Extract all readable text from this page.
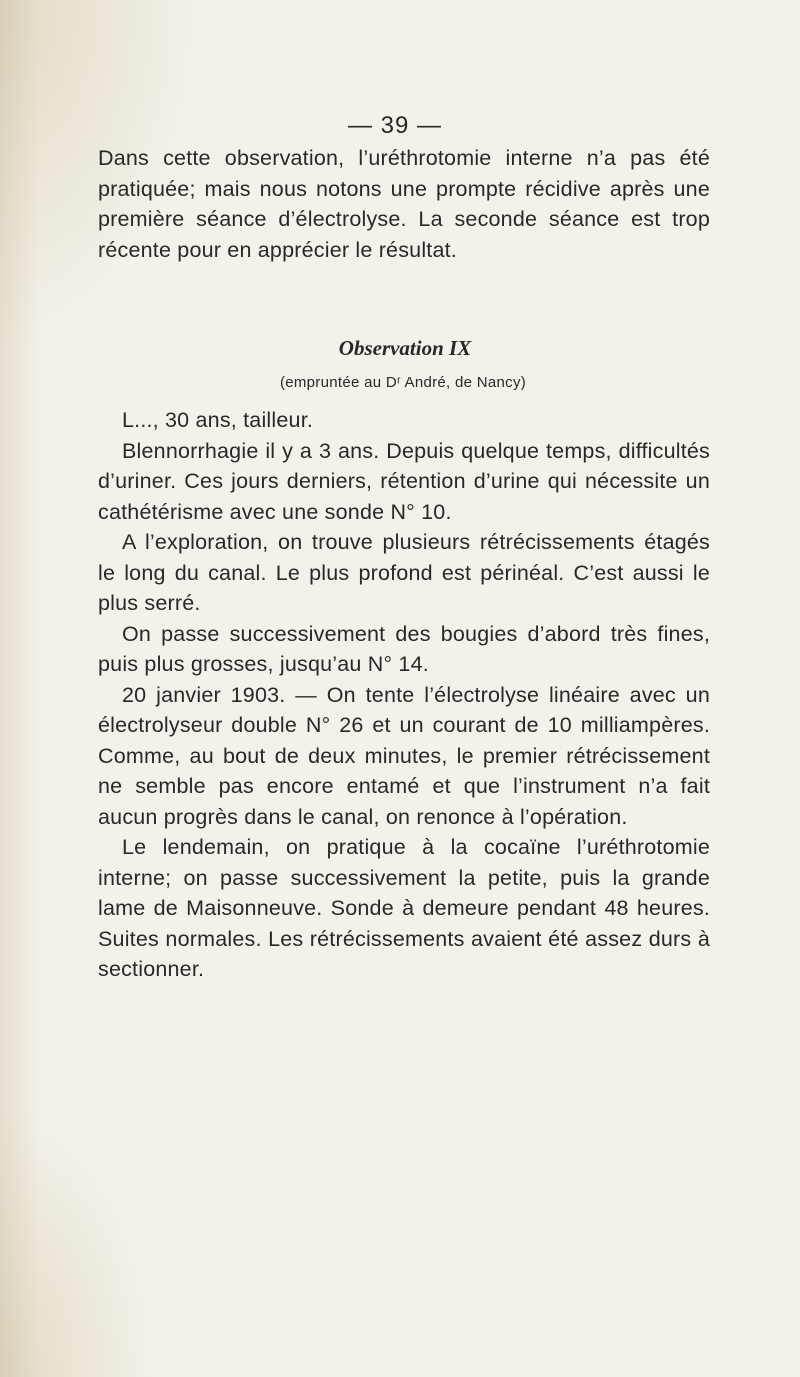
— 39 —
Dans cette observation, l’uréthrotomie interne n’a pas été pratiquée; mais nous notons une prompte récidive après une première séance d’électrolyse. La seconde séance est trop récente pour en apprécier le résultat.
Observation IX
(empruntée au Dʳ André, de Nancy)

L..., 30 ans, tailleur.

Blennorrhagie il y a 3 ans. Depuis quelque temps, difficultés d’uriner. Ces jours derniers, rétention d’urine qui nécessite un cathétérisme avec une sonde N° 10.

A l’exploration, on trouve plusieurs rétrécissements étagés le long du canal. Le plus profond est périnéal. C’est aussi le plus serré.

On passe successivement des bougies d’abord très fines, puis plus grosses, jusqu’au N° 14.

20 janvier 1903. — On tente l’électrolyse linéaire avec un électrolyseur double N° 26 et un courant de 10 milliampères. Comme, au bout de deux minutes, le premier rétrécissement ne semble pas encore entamé et que l’instrument n’a fait aucun progrès dans le canal, on renonce à l’opération.

Le lendemain, on pratique à la cocaïne l’uréthrotomie interne; on passe successivement la petite, puis la grande lame de Maisonneuve. Sonde à demeure pendant 48 heures. Suites normales. Les rétrécissements avaient été assez durs à sectionner.
